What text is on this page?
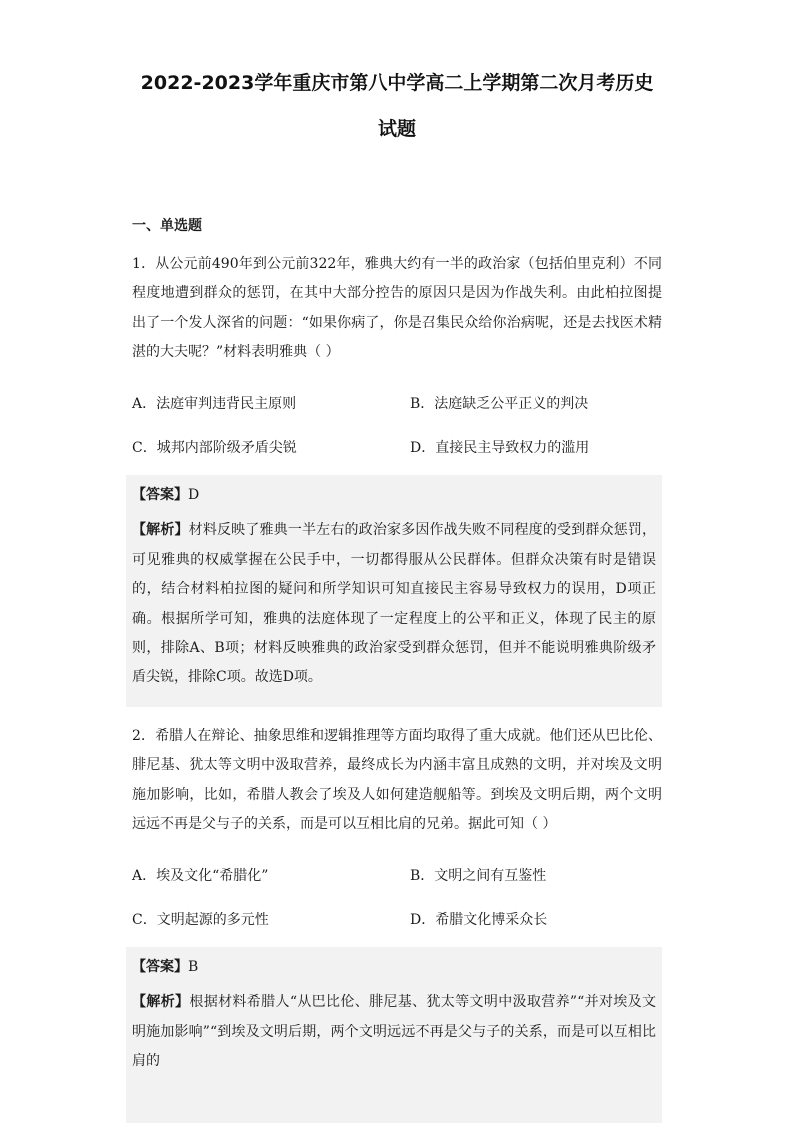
2022-2023学年重庆市第八中学高二上学期第二次月考历史
试题
一、单选题
1．从公元前490年到公元前322年，雅典大约有一半的政治家（包括伯里克利）不同程度地遭到群众的惩罚，在其中大部分控告的原因只是因为作战失利。由此柏拉图提出了一个发人深省的问题：“如果你病了，你是召集民众给你治病呢，还是去找医术精湛的大夫呢？”材料表明雅典（ ）
A．法庭审判违背民主原则	B．法庭缺乏公平正义的判决
C．城邦内部阶级矛盾尖锐	D．直接民主导致权力的滥用
【答案】D
【解析】材料反映了雅典一半左右的政治家多因作战失败不同程度的受到群众惩罚，可见雅典的权威掌握在公民手中，一切都得服从公民群体。但群众决策有时是错误的，结合材料柏拉图的疑问和所学知识可知直接民主容易导致权力的误用，D项正确。根据所学可知，雅典的法庭体现了一定程度上的公平和正义，体现了民主的原则，排除A、B项；材料反映雅典的政治家受到群众惩罚，但并不能说明雅典阶级矛盾尖锐，排除C项。故选D项。
2．希腊人在辩论、抽象思维和逻辑推理等方面均取得了重大成就。他们还从巴比伦、腓尼基、犹太等文明中汲取营养，最终成长为内涵丰富且成熟的文明，并对埃及文明施加影响，比如，希腊人教会了埃及人如何建造舰船等。到埃及文明后期，两个文明远远不再是父与子的关系，而是可以互相比肩的兄弟。据此可知（ ）
A．埃及文化“希腊化”	B．文明之间有互鉴性
C．文明起源的多元性	D．希腊文化博采众长
【答案】B
【解析】根据材料希腊人“从巴比伦、腓尼基、犹太等文明中汲取营养”“并对埃及文明施加影响”“到埃及文明后期，两个文明远远不再是父与子的关系，而是可以互相比肩的
